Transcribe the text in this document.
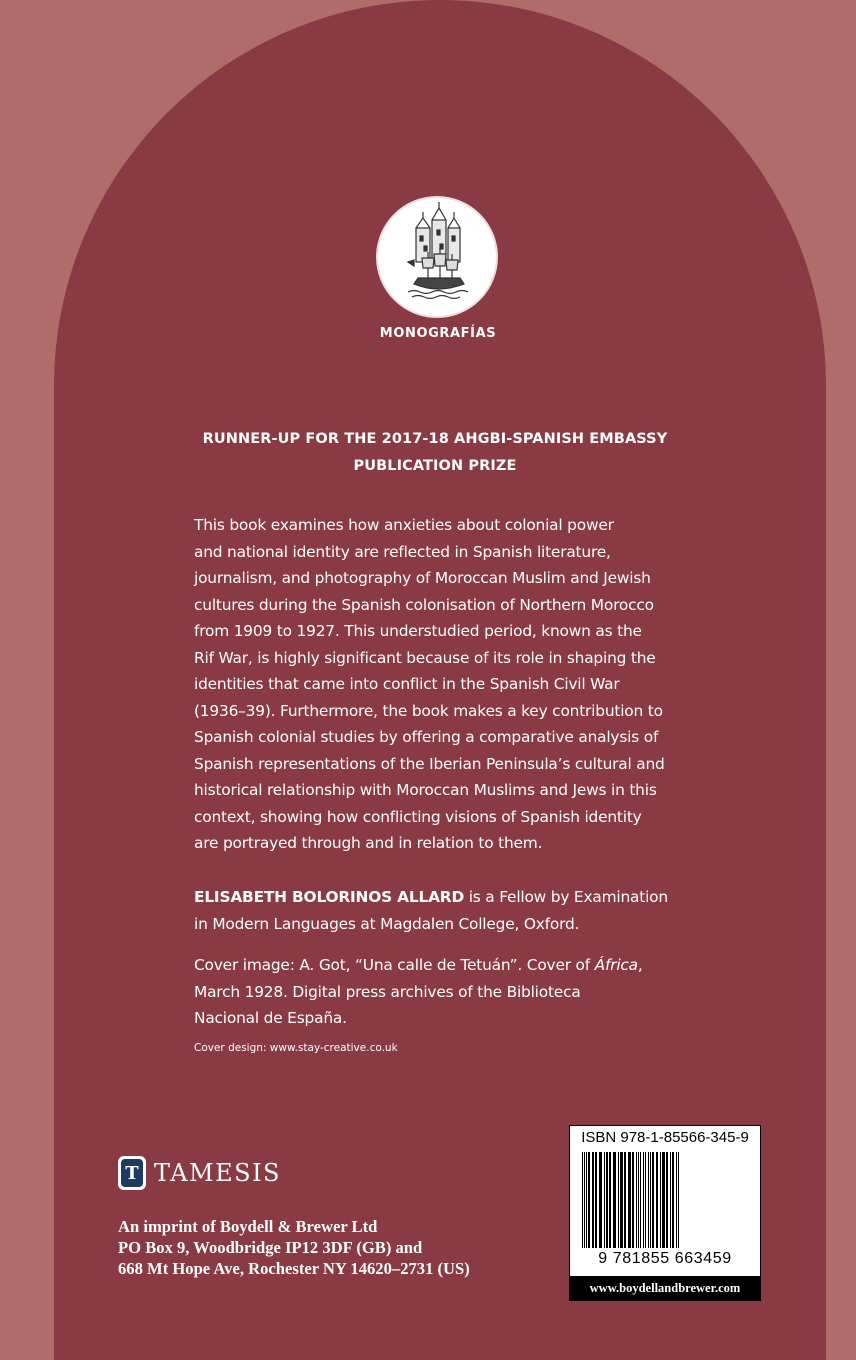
MONOGRAFÍAS
RUNNER-UP FOR THE 2017-18 AHGBI-SPANISH EMBASSY
PUBLICATION PRIZE
This book examines how anxieties about colonial power
and national identity are reflected in Spanish literature,
journalism, and photography of Moroccan Muslim and Jewish
cultures during the Spanish colonisation of Northern Morocco
from 1909 to 1927. This understudied period, known as the
Rif War, is highly significant because of its role in shaping the
identities that came into conflict in the Spanish Civil War
(1936–39). Furthermore, the book makes a key contribution to
Spanish colonial studies by offering a comparative analysis of
Spanish representations of the Iberian Peninsula’s cultural and
historical relationship with Moroccan Muslims and Jews in this
context, showing how conflicting visions of Spanish identity
are portrayed through and in relation to them.
ELISABETH BOLORINOS ALLARD is a Fellow by Examination
in Modern Languages at Magdalen College, Oxford.
Cover image: A. Got, “Una calle de Tetuán”. Cover of África,
March 1928. Digital press archives of the Biblioteca
Nacional de España.
Cover design: www.stay-creative.co.uk
T TAMESIS
An imprint of Boydell & Brewer Ltd
PO Box 9, Woodbridge IP12 3DF (GB) and
668 Mt Hope Ave, Rochester NY 14620–2731 (US)
ISBN 978-1-85566-345-9
9 781855 663459
www.boydellandbrewer.com
